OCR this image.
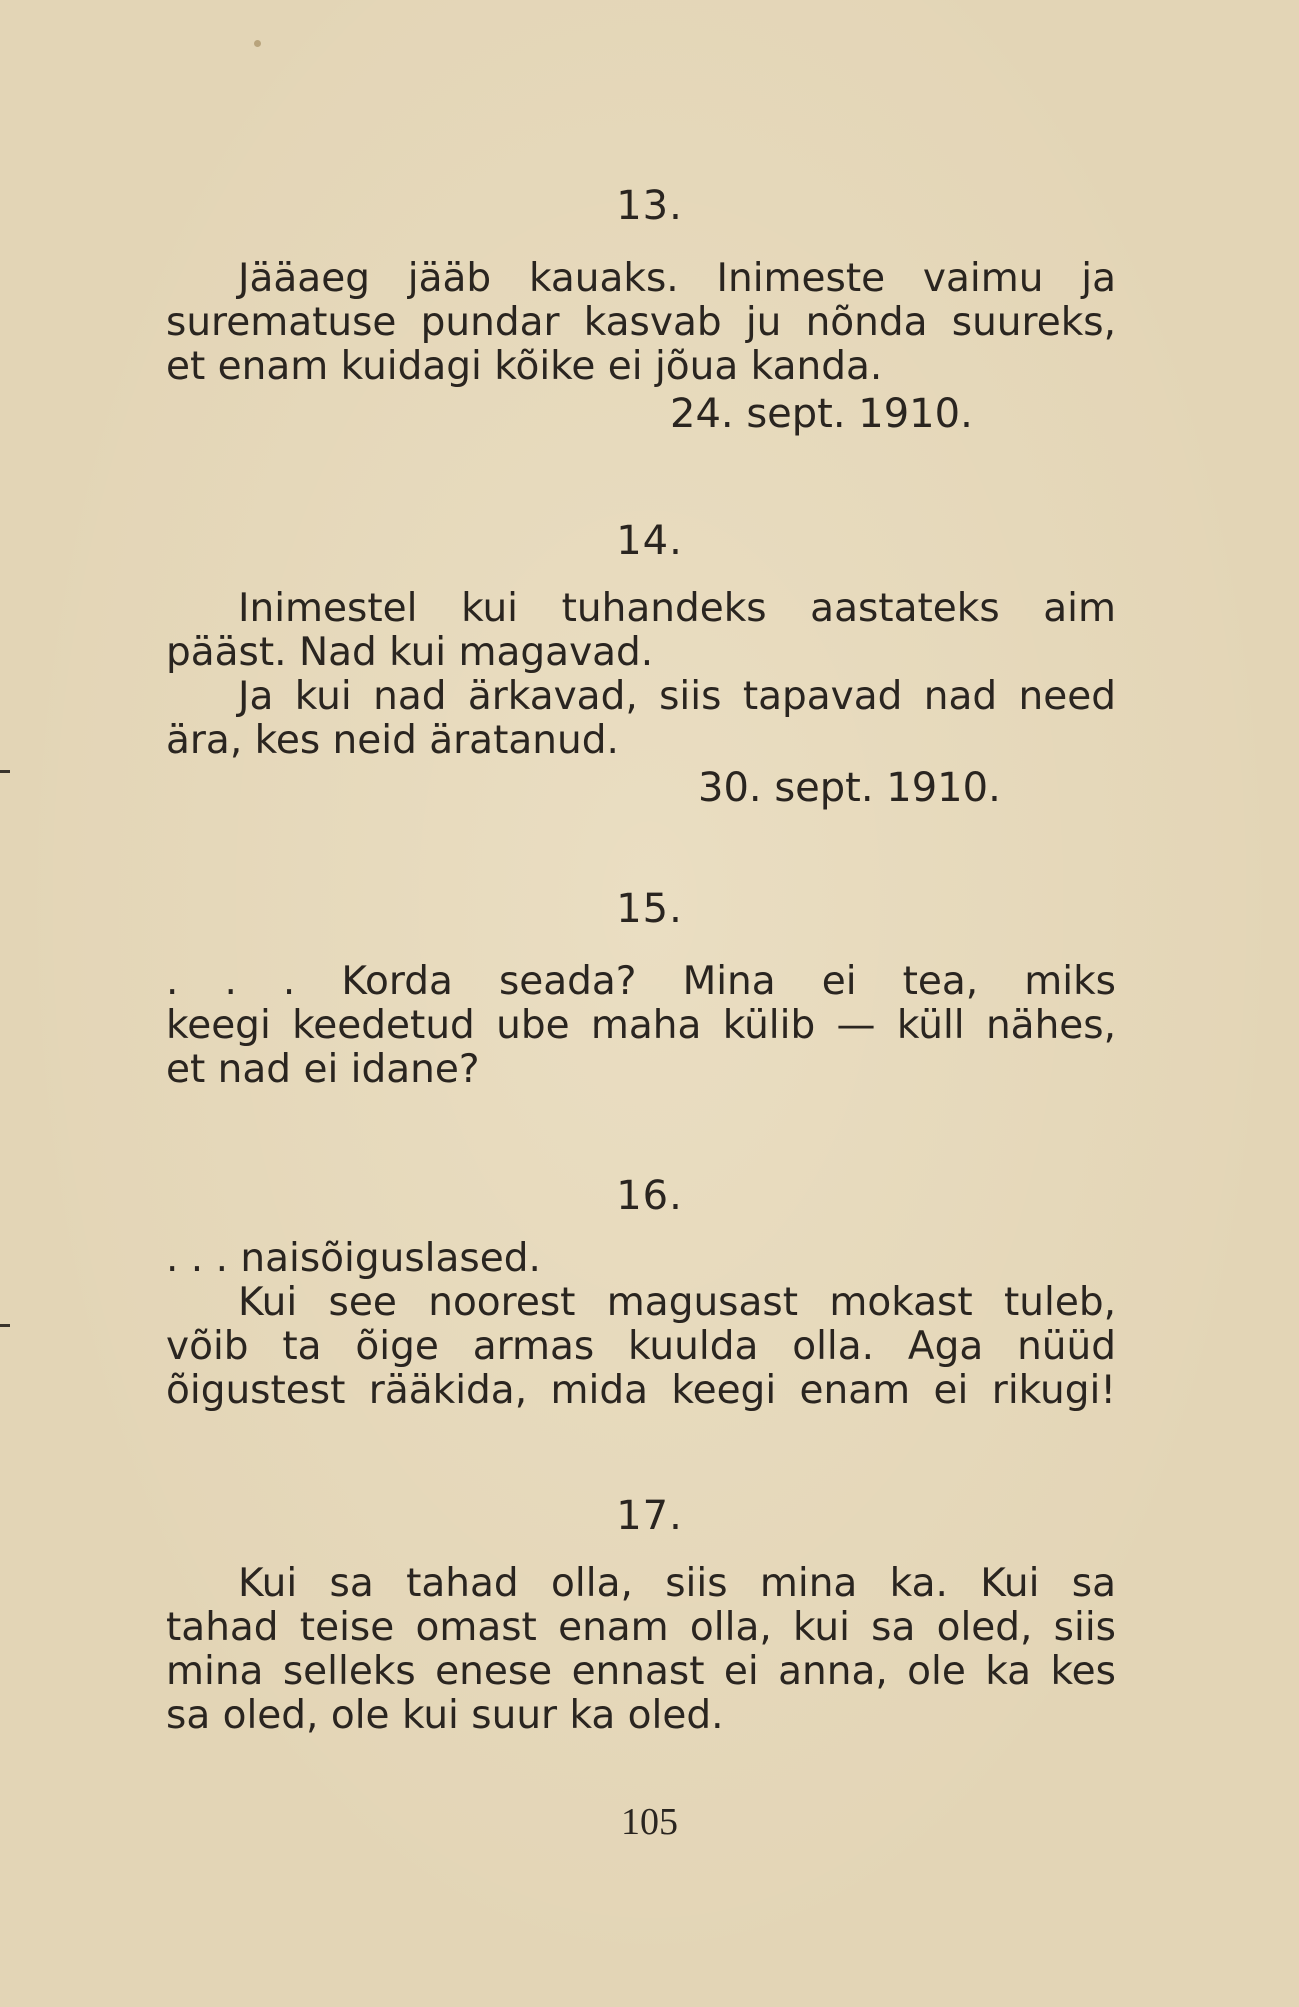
13.
Jääaeg jääb kauaks. Inimeste vaimu ja
surematuse pundar kasvab ju nõnda suureks,
et enam kuidagi kõike ei jõua kanda.
24. sept. 1910.
14.
Inimestel kui tuhandeks aastateks aim
pääst. Nad kui magavad.
Ja kui nad ärkavad, siis tapavad nad need
ära, kes neid äratanud.
30. sept. 1910.
15.
. . . Korda seada? Mina ei tea, miks
keegi keedetud ube maha külib — küll nähes,
et nad ei idane?
16.
. . . naisõiguslased.
Kui see noorest magusast mokast tuleb,
võib ta õige armas kuulda olla. Aga nüüd
õigustest rääkida, mida keegi enam ei rikugi!
17.
Kui sa tahad olla, siis mina ka. Kui sa
tahad teise omast enam olla, kui sa oled, siis
mina selleks enese ennast ei anna, ole ka kes
sa oled, ole kui suur ka oled.
105
